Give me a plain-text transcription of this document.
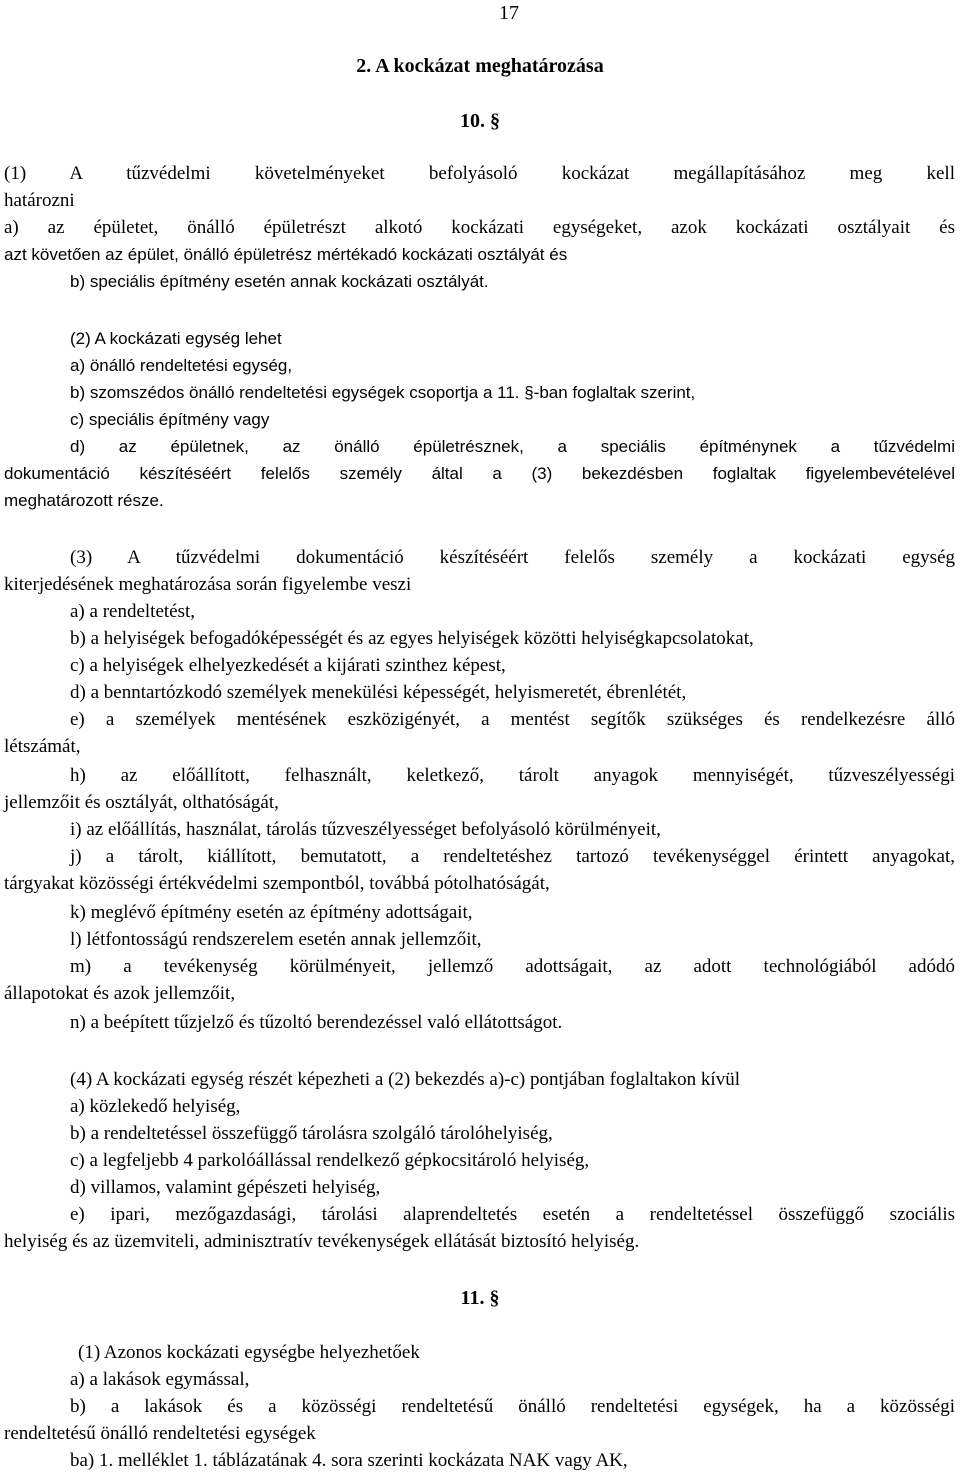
17
2. A kockázat meghatározása
10. §
(1) A tűzvédelmi követelményeket befolyásoló kockázat megállapításához meg kell
határozni
a) az épületet, önálló épületrészt alkotó kockázati egységeket, azok kockázati osztályait és
azt követően az épület, önálló épületrész mértékadó kockázati osztályát és
b) speciális építmény esetén annak kockázati osztályát.
(2) A kockázati egység lehet
a) önálló rendeltetési egység,
b) szomszédos önálló rendeltetési egységek csoportja a 11. §-ban foglaltak szerint,
c) speciális építmény vagy
d) az épületnek, az önálló épületrésznek, a speciális építménynek a tűzvédelmi
dokumentáció készítéséért felelős személy által a (3) bekezdésben foglaltak figyelembevételével
meghatározott része.
(3) A tűzvédelmi dokumentáció készítéséért felelős személy a kockázati egység
kiterjedésének meghatározása során figyelembe veszi
a) a rendeltetést,
b) a helyiségek befogadóképességét és az egyes helyiségek közötti helyiségkapcsolatokat,
c) a helyiségek elhelyezkedését a kijárati szinthez képest,
d) a benntartózkodó személyek menekülési képességét, helyismeretét, ébrenlétét,
e) a személyek mentésének eszközigényét, a mentést segítők szükséges és rendelkezésre álló
létszámát,
h) az előállított, felhasznált, keletkező, tárolt anyagok mennyiségét, tűzveszélyességi
jellemzőit és osztályát, olthatóságát,
i) az előállítás, használat, tárolás tűzveszélyességet befolyásoló körülményeit,
j) a tárolt, kiállított, bemutatott, a rendeltetéshez tartozó tevékenységgel érintett anyagokat,
tárgyakat közösségi értékvédelmi szempontból, továbbá pótolhatóságát,
k) meglévő építmény esetén az építmény adottságait,
l) létfontosságú rendszerelem esetén annak jellemzőit,
m) a tevékenység körülményeit, jellemző adottságait, az adott technológiából adódó
állapotokat és azok jellemzőit,
n) a beépített tűzjelző és tűzoltó berendezéssel való ellátottságot.
(4) A kockázati egység részét képezheti a (2) bekezdés a)-c) pontjában foglaltakon kívül
a) közlekedő helyiség,
b) a rendeltetéssel összefüggő tárolásra szolgáló tárolóhelyiség,
c) a legfeljebb 4 parkolóállással rendelkező gépkocsitároló helyiség,
d) villamos, valamint gépészeti helyiség,
e) ipari, mezőgazdasági, tárolási alaprendeltetés esetén a rendeltetéssel összefüggő szociális
helyiség és az üzemviteli, adminisztratív tevékenységek ellátását biztosító helyiség.
11. §
(1) Azonos kockázati egységbe helyezhetőek
a) a lakások egymással,
b) a lakások és a közösségi rendeltetésű önálló rendeltetési egységek, ha a közösségi
rendeltetésű önálló rendeltetési egységek
ba) 1. melléklet 1. táblázatának 4. sora szerinti kockázata NAK vagy AK,
